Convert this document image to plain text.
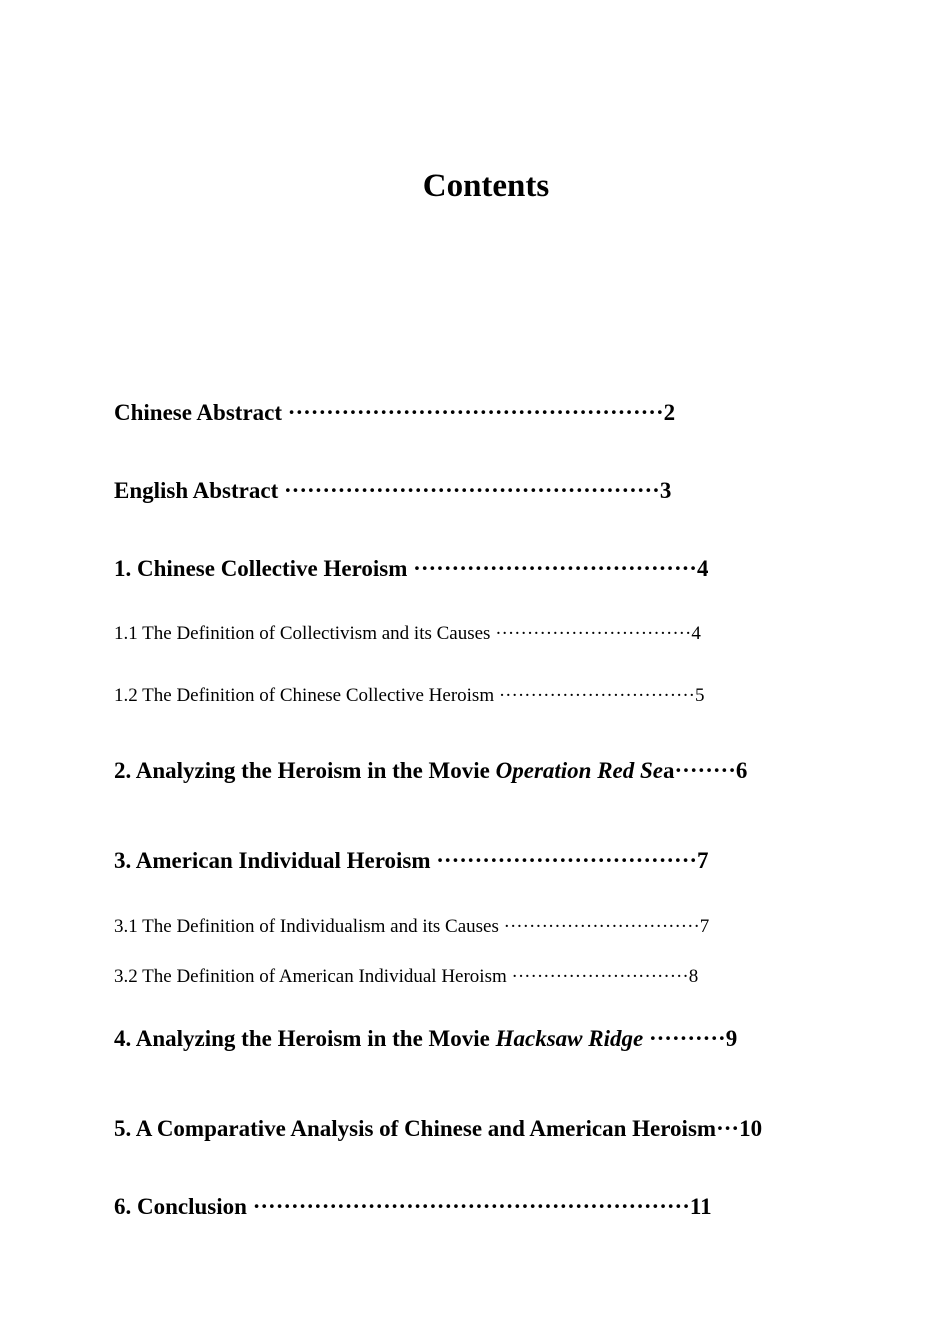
Contents
Chinese Abstract ·················································2
English Abstract ·················································3
1. Chinese Collective Heroism ·····································4
1.1 The Definition of Collectivism and its Causes ·······························4
1.2 The Definition of Chinese Collective Heroism ·······························5
2. Analyzing the Heroism in the Movie Operation Red Sea········6
3. American Individual Heroism ··································7
3.1 The Definition of Individualism and its Causes ·······························7
3.2 The Definition of American Individual Heroism ····························8
4. Analyzing the Heroism in the Movie Hacksaw Ridge ··········9
5. A Comparative Analysis of Chinese and American Heroism···10
6. Conclusion ·························································11
